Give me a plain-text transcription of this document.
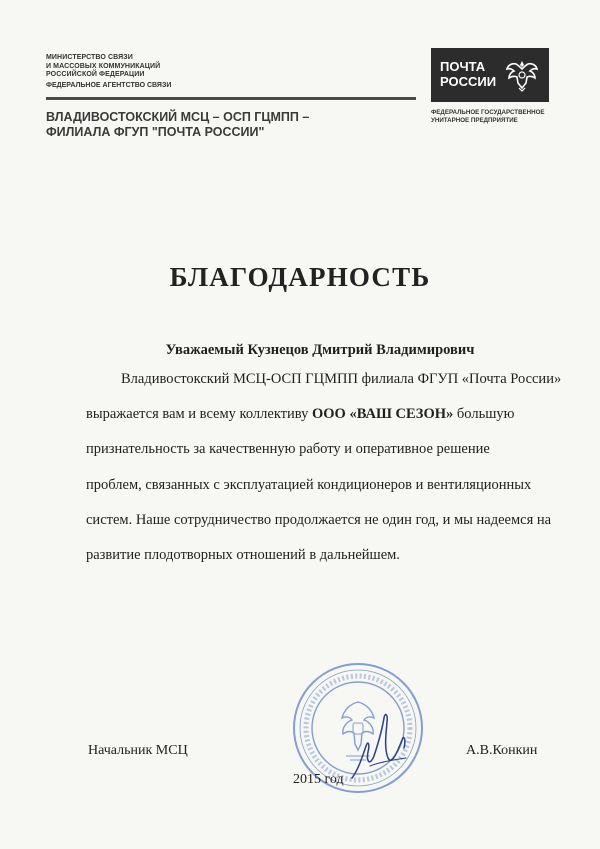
МИНИСТЕРСТВО СВЯЗИ
И МАССОВЫХ КОММУНИКАЦИЙ
РОССИЙСКОЙ ФЕДЕРАЦИИ
ФЕДЕРАЛЬНОЕ АГЕНТСТВО СВЯЗИ
ВЛАДИВОСТОКСКИЙ МСЦ – ОСП ГЦМПП –
ФИЛИАЛА ФГУП "ПОЧТА РОССИИ"
ПОЧТА
РОССИИ
ФЕДЕРАЛЬНОЕ ГОСУДАРСТВЕННОЕ
УНИТАРНОЕ ПРЕДПРИЯТИЕ
БЛАГОДАРНОСТЬ
Уважаемый Кузнецов Дмитрий Владимирович
Владивостокский МСЦ-ОСП ГЦМПП филиала ФГУП «Почта России»
выражается вам и всему коллективу ООО «ВАШ СЕЗОН» большую
признательность за качественную работу и оперативное решение
проблем, связанных с эксплуатацией кондиционеров и вентиляционных
систем. Наше сотрудничество продолжается не один год, и мы надеемся на
развитие плодотворных отношений в дальнейшем.
Начальник МСЦ	А.В.Конкин
2015 год
